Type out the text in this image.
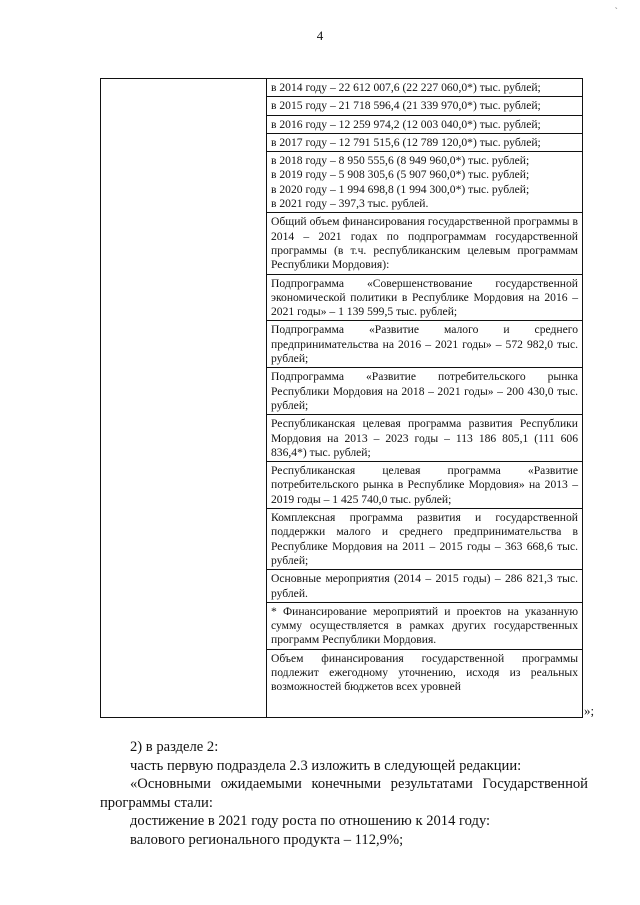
`
4
в 2014 году – 22 612 007,6 (22 227 060,0*) тыс. рублей;
в 2015 году – 21 718 596,4 (21 339 970,0*) тыс. рублей;
в 2016 году – 12 259 974,2 (12 003 040,0*) тыс. рублей;
в 2017 году – 12 791 515,6 (12 789 120,0*) тыс. рублей;
в 2018 году – 8 950 555,6 (8 949 960,0*) тыс. рублей;
в 2019 году – 5 908 305,6 (5 907 960,0*) тыс. рублей;
в 2020 году – 1 994 698,8 (1 994 300,0*) тыс. рублей;
в 2021 году – 397,3 тыс. рублей.
Общий объем финансирования государственной программы в 2014 – 2021 годах по подпрограммам государственной программы (в т.ч. республиканским целевым программам Республики Мордовия):
Подпрограмма «Совершенствование государственной экономической политики в Республике Мордовия на 2016 – 2021 годы» – 1 139 599,5 тыс. рублей;
Подпрограмма «Развитие малого и среднего предпринимательства на 2016 – 2021 годы» – 572 982,0 тыс. рублей;
Подпрограмма «Развитие потребительского рынка Республики Мордовия на 2018 – 2021 годы» – 200 430,0 тыс. рублей;
Республиканская целевая программа развития Республики Мордовия на 2013 – 2023 годы – 113 186 805,1 (111 606 836,4*) тыс. рублей;
Республиканская целевая программа «Развитие потребительского рынка в Республике Мордовия» на 2013 – 2019 годы – 1 425 740,0 тыс. рублей;
Комплексная программа развития и государственной поддержки малого и среднего предпринимательства в Республике Мордовия на 2011 – 2015 годы – 363 668,6 тыс. рублей;
Основные мероприятия (2014 – 2015 годы) – 286 821,3 тыс. рублей.
* Финансирование мероприятий и проектов на указанную сумму осуществляется в рамках других государственных программ Республики Мордовия.
Объем финансирования государственной программы подлежит ежегодному уточнению, исходя из реальных возможностей бюджетов всех уровней
»;

2) в разделе 2:

часть первую подраздела 2.3 изложить в следующей редакции:

«Основными ожидаемыми конечными результатами Государственной программы стали:

достижение в 2021 году роста по отношению к 2014 году:

валового регионального продукта – 112,9%;
